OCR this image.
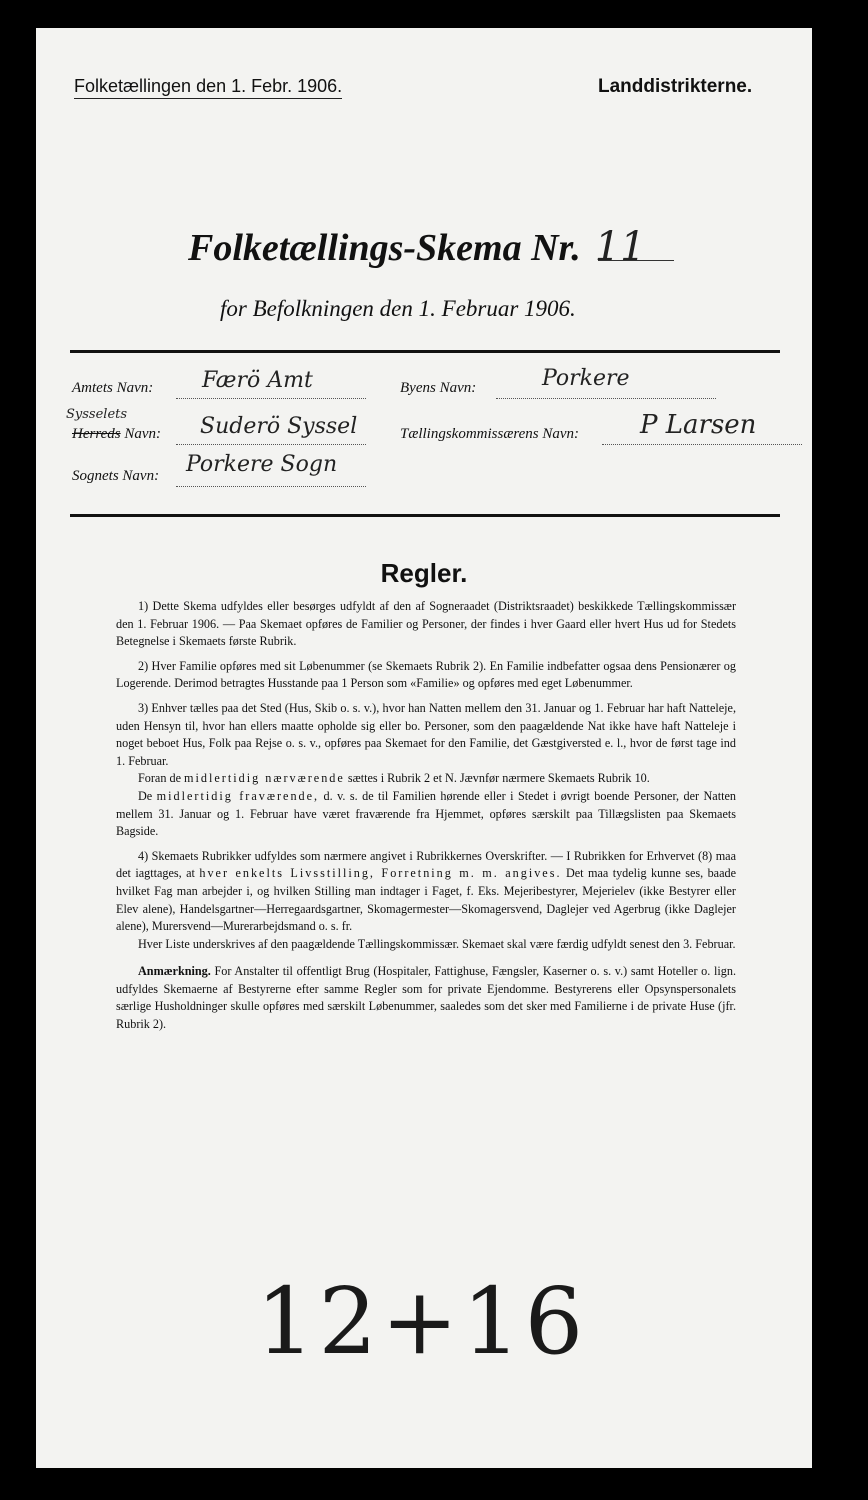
Folketællingen den 1. Febr. 1906.	Landdistrikterne.
Folketællings-Skema Nr. 11
for Befolkningen den 1. Februar 1906.
Amtets Navn: Færö Amt	Byens Navn:	Porkere
Sysselets
Herreds Navn: Suderö Syssel	Tællingskommissærens Navn: P Larsen
Sognets Navn: Porkere Sogn
Regler.

1) Dette Skema udfyldes eller besørges udfyldt af den af Sogneraadet (Distriktsraadet) beskikkede Tællingskommissær den 1. Februar 1906. — Paa Skemaet opføres de Familier og Personer, der findes i hver Gaard eller hvert Hus ud for Stedets Betegnelse i Skemaets første Rubrik.

2) Hver Familie opføres med sit Løbenummer (se Skemaets Rubrik 2). En Familie indbefatter ogsaa dens Pensionærer og Logerende. Derimod betragtes Husstande paa 1 Person som «Familie» og opføres med eget Løbenummer.

3) Enhver tælles paa det Sted (Hus, Skib o. s. v.), hvor han Natten mellem den 31. Januar og 1. Februar har haft Natteleje, uden Hensyn til, hvor han ellers maatte opholde sig eller bo. Personer, som den paagældende Nat ikke have haft Natteleje i noget beboet Hus, Folk paa Rejse o. s. v., opføres paa Skemaet for den Familie, det Gæstgiversted e. l., hvor de først tage ind 1. Februar.

Foran de midlertidig nærværende sættes i Rubrik 2 et N. Jævnfør nærmere Skemaets Rubrik 10.

De midlertidig fraværende, d. v. s. de til Familien hørende eller i Stedet i øvrigt boende Personer, der Natten mellem 31. Januar og 1. Februar have været fraværende fra Hjemmet, opføres særskilt paa Tillægslisten paa Skemaets Bagside.

4) Skemaets Rubrikker udfyldes som nærmere angivet i Rubrikkernes Overskrifter. — I Rubrikken for Erhvervet (8) maa det iagttages, at hver enkelts Livsstilling, Forretning m. m. angives. Det maa tydelig kunne ses, baade hvilket Fag man arbejder i, og hvilken Stilling man indtager i Faget, f. Eks. Mejeribestyrer, Mejerielev (ikke Bestyrer eller Elev alene), Handelsgartner—Herregaardsgartner, Skomagermester—Skomagersvend, Daglejer ved Agerbrug (ikke Daglejer alene), Murersvend—Murerarbejdsmand o. s. fr.

Hver Liste underskrives af den paagældende Tællingskommissær. Skemaet skal være færdig udfyldt senest den 3. Februar.

Anmærkning. For Anstalter til offentligt Brug (Hospitaler, Fattighuse, Fængsler, Kaserner o. s. v.) samt Hoteller o. lign. udfyldes Skemaerne af Bestyrerne efter samme Regler som for private Ejendomme. Bestyrerens eller Opsynspersonalets særlige Husholdninger skulle opføres med særskilt Løbenummer, saaledes som det sker med Familierne i de private Huse (jfr. Rubrik 2).

12+16
